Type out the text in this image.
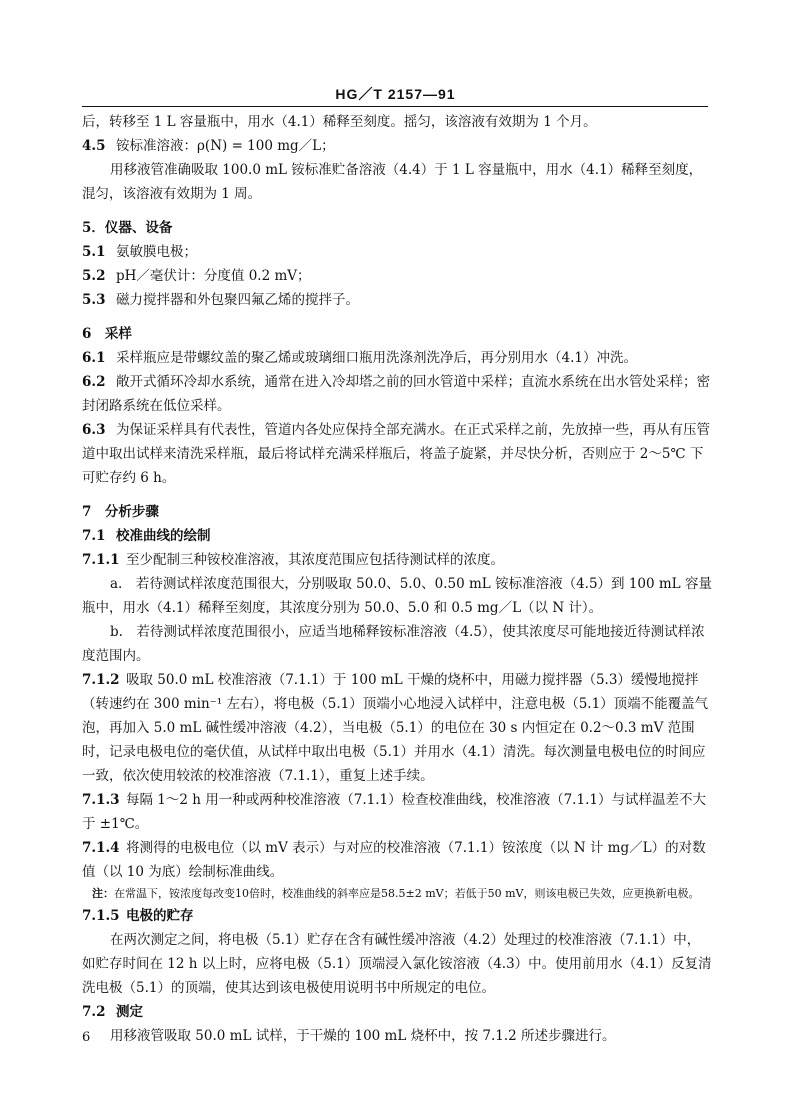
HG／T 2157—91

后，转移至 1 L 容量瓶中，用水（4.1）稀释至刻度。摇匀，该溶液有效期为 1 个月。

4.5 铵标准溶液：ρ(N) = 100 mg／L；

用移液管准确吸取 100.0 mL 铵标准贮备溶液（4.4）于 1 L 容量瓶中，用水（4.1）稀释至刻度，混匀，该溶液有效期为 1 周。

5．仪器、设备

5.1 氨敏膜电极；

5.2 pH／毫伏计：分度值 0.2 mV；

5.3 磁力搅拌器和外包聚四氟乙烯的搅拌子。

6　采样

6.1 采样瓶应是带螺纹盖的聚乙烯或玻璃细口瓶用洗涤剂洗净后，再分别用水（4.1）冲洗。

6.2 敞开式循环冷却水系统，通常在进入冷却塔之前的回水管道中采样；直流水系统在出水管处采样；密封闭路系统在低位采样。

6.3 为保证采样具有代表性，管道内各处应保持全部充满水。在正式采样之前，先放掉一些，再从有压管道中取出试样来清洗采样瓶，最后将试样充满采样瓶后，将盖子旋紧，并尽快分析，否则应于 2～5℃ 下可贮存约 6 h。

7　分析步骤

7.1 校准曲线的绘制

7.1.1 至少配制三种铵校准溶液，其浓度范围应包括待测试样的浓度。

a.　若待测试样浓度范围很大，分别吸取 50.0、5.0、0.50 mL 铵标准溶液（4.5）到 100 mL 容量瓶中，用水（4.1）稀释至刻度，其浓度分别为 50.0、5.0 和 0.5 mg／L（以 N 计）。

b.　若待测试样浓度范围很小，应适当地稀释铵标准溶液（4.5），使其浓度尽可能地接近待测试样浓度范围内。

7.1.2 吸取 50.0 mL 校准溶液（7.1.1）于 100 mL 干燥的烧杯中，用磁力搅拌器（5.3）缓慢地搅拌（转速约在 300 min⁻¹ 左右），将电极（5.1）顶端小心地浸入试样中，注意电极（5.1）顶端不能覆盖气泡，再加入 5.0 mL 碱性缓冲溶液（4.2），当电极（5.1）的电位在 30 s 内恒定在 0.2～0.3 mV 范围时，记录电极电位的毫伏值，从试样中取出电极（5.1）并用水（4.1）清洗。每次测量电极电位的时间应一致，依次使用较浓的校准溶液（7.1.1），重复上述手续。

7.1.3 每隔 1～2 h 用一种或两种校准溶液（7.1.1）检查校准曲线，校准溶液（7.1.1）与试样温差不大于 ±1℃。

7.1.4 将测得的电极电位（以 mV 表示）与对应的校准溶液（7.1.1）铵浓度（以 N 计 mg／L）的对数值（以 10 为底）绘制标准曲线。

注：在常温下，铵浓度每改变10倍时，校准曲线的斜率应是58.5±2 mV；若低于50 mV，则该电极已失效，应更换新电极。

7.1.5 电极的贮存

在两次测定之间，将电极（5.1）贮存在含有碱性缓冲溶液（4.2）处理过的校准溶液（7.1.1）中，如贮存时间在 12 h 以上时，应将电极（5.1）顶端浸入氯化铵溶液（4.3）中。使用前用水（4.1）反复清洗电极（5.1）的顶端，使其达到该电极使用说明书中所规定的电位。

7.2 测定

用移液管吸取 50.0 mL 试样，于干燥的 100 mL 烧杯中，按 7.1.2 所述步骤进行。

6
